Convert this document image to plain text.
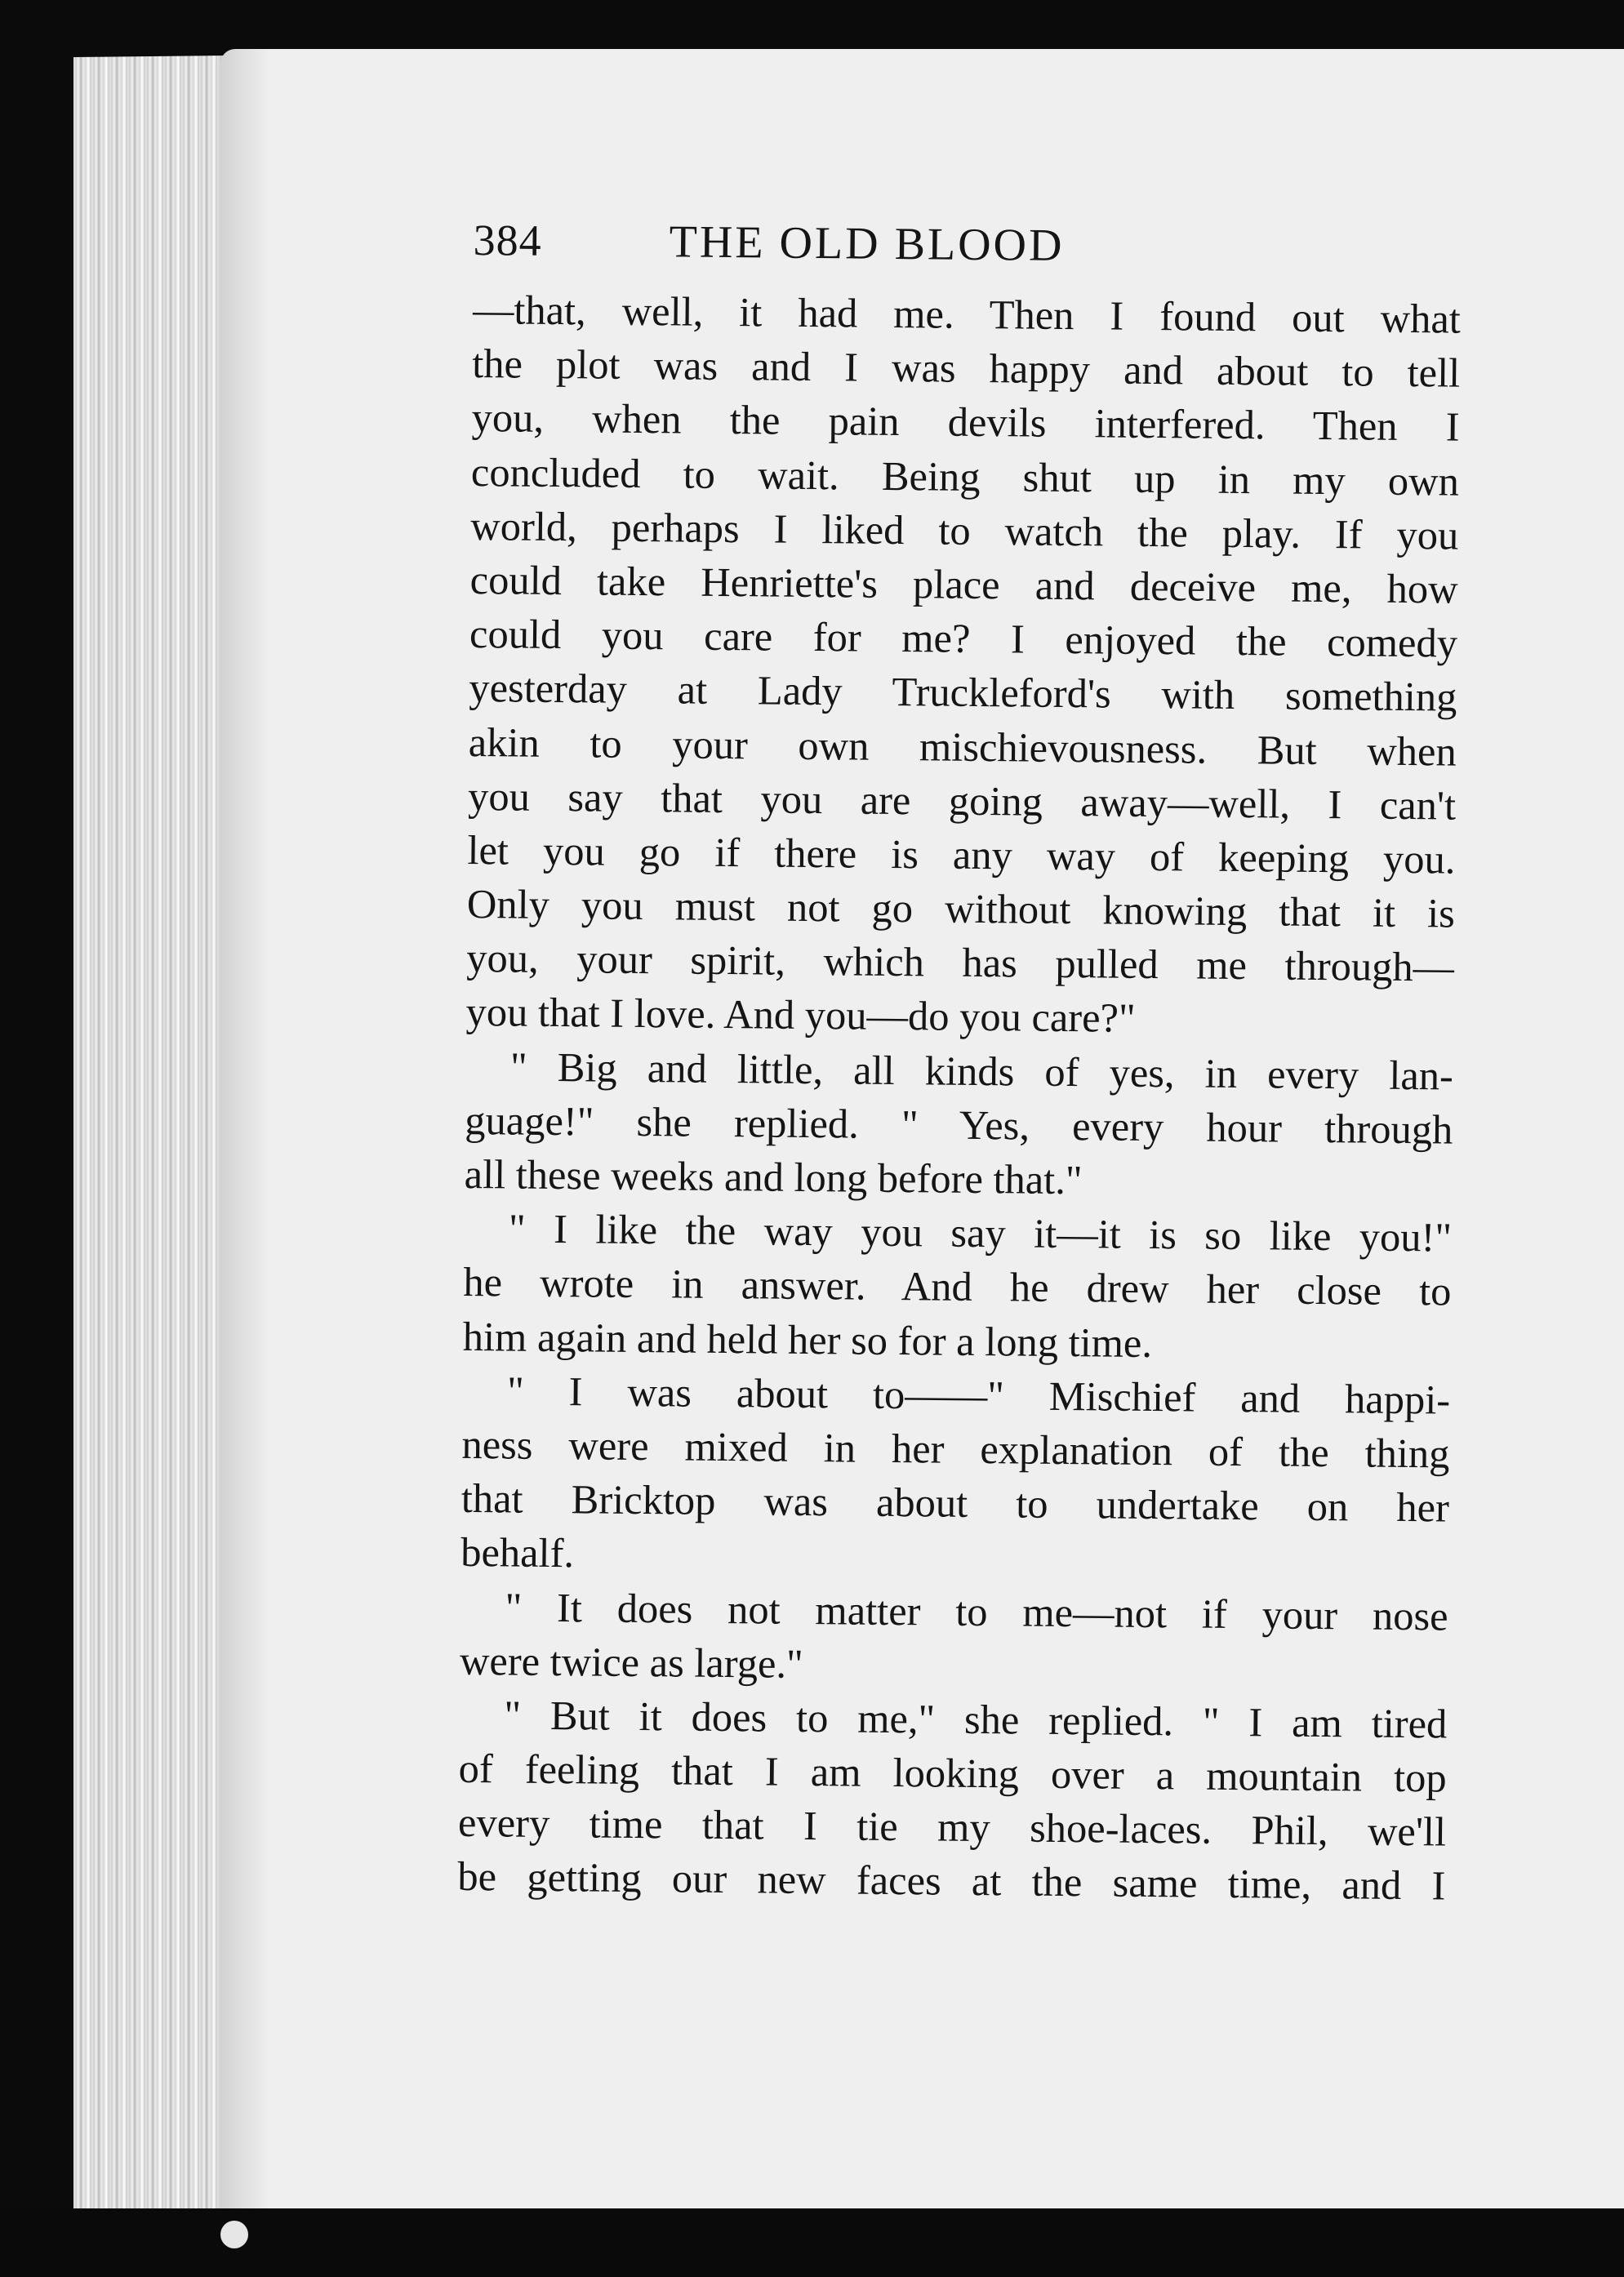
384	THE OLD BLOOD
—that, well, it had me. Then I found out what
the plot was and I was happy and about to tell
you, when the pain devils interfered. Then I
concluded to wait. Being shut up in my own
world, perhaps I liked to watch the play. If you
could take Henriette's place and deceive me, how
could you care for me? I enjoyed the comedy
yesterday at Lady Truckleford's with something
akin to your own mischievousness. But when
you say that you are going away—well, I can't
let you go if there is any way of keeping you.
Only you must not go without knowing that it is
you, your spirit, which has pulled me through—
you that I love. And you—do you care?"
" Big and little, all kinds of yes, in every lan-
guage!" she replied. " Yes, every hour through
all these weeks and long before that."
" I like the way you say it—it is so like you!"
he wrote in answer. And he drew her close to
him again and held her so for a long time.
" I was about to——" Mischief and happi-
ness were mixed in her explanation of the thing
that Bricktop was about to undertake on her
behalf.
" It does not matter to me—not if your nose
were twice as large."
" But it does to me," she replied. " I am tired
of feeling that I am looking over a mountain top
every time that I tie my shoe-laces. Phil, we'll
be getting our new faces at the same time, and I
